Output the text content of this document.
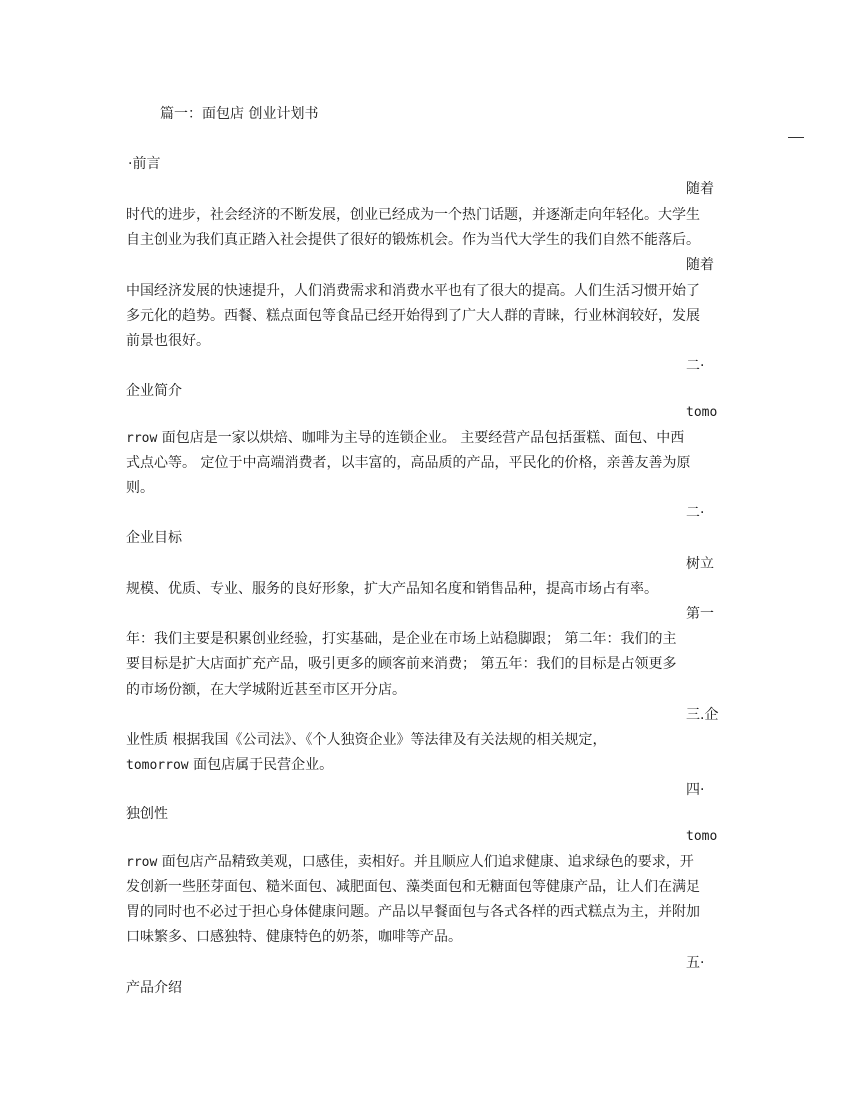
篇一：面包店 创业计划书

·前言

随着

时代的进步，社会经济的不断发展，创业已经成为一个热门话题，并逐渐走向年轻化。大学生

自主创业为我们真正踏入社会提供了很好的锻炼机会。作为当代大学生的我们自然不能落后。

随着

中国经济发展的快速提升，人们消费需求和消费水平也有了很大的提高。人们生活习惯开始了

多元化的趋势。西餐、糕点面包等食品已经开始得到了广大人群的青睐，行业林润较好，发展

前景也很好。

二·

企业简介

tomo

rrow 面包店是一家以烘焙、咖啡为主导的连锁企业。 主要经营产品包括蛋糕、面包、中西

式点心等。 定位于中高端消费者，以丰富的，高品质的产品，平民化的价格，亲善友善为原

则。

二·

企业目标

树立

规模、优质、专业、服务的良好形象，扩大产品知名度和销售品种，提高市场占有率。

第一

年：我们主要是积累创业经验，打实基础，是企业在市场上站稳脚跟； 第二年：我们的主

要目标是扩大店面扩充产品，吸引更多的顾客前来消费； 第五年：我们的目标是占领更多

的市场份额，在大学城附近甚至市区开分店。

三.企

业性质 根据我国《公司法》、《个人独资企业》等法律及有关法规的相关规定，

tomorrow 面包店属于民营企业。

四·

独创性

tomo

rrow 面包店产品精致美观，口感佳，卖相好。并且顺应人们追求健康、追求绿色的要求，开

发创新一些胚芽面包、糙米面包、减肥面包、藻类面包和无糖面包等健康产品，让人们在满足

胃的同时也不必过于担心身体健康问题。产品以早餐面包与各式各样的西式糕点为主，并附加

口味繁多、口感独特、健康特色的奶茶，咖啡等产品。

五·

产品介绍
